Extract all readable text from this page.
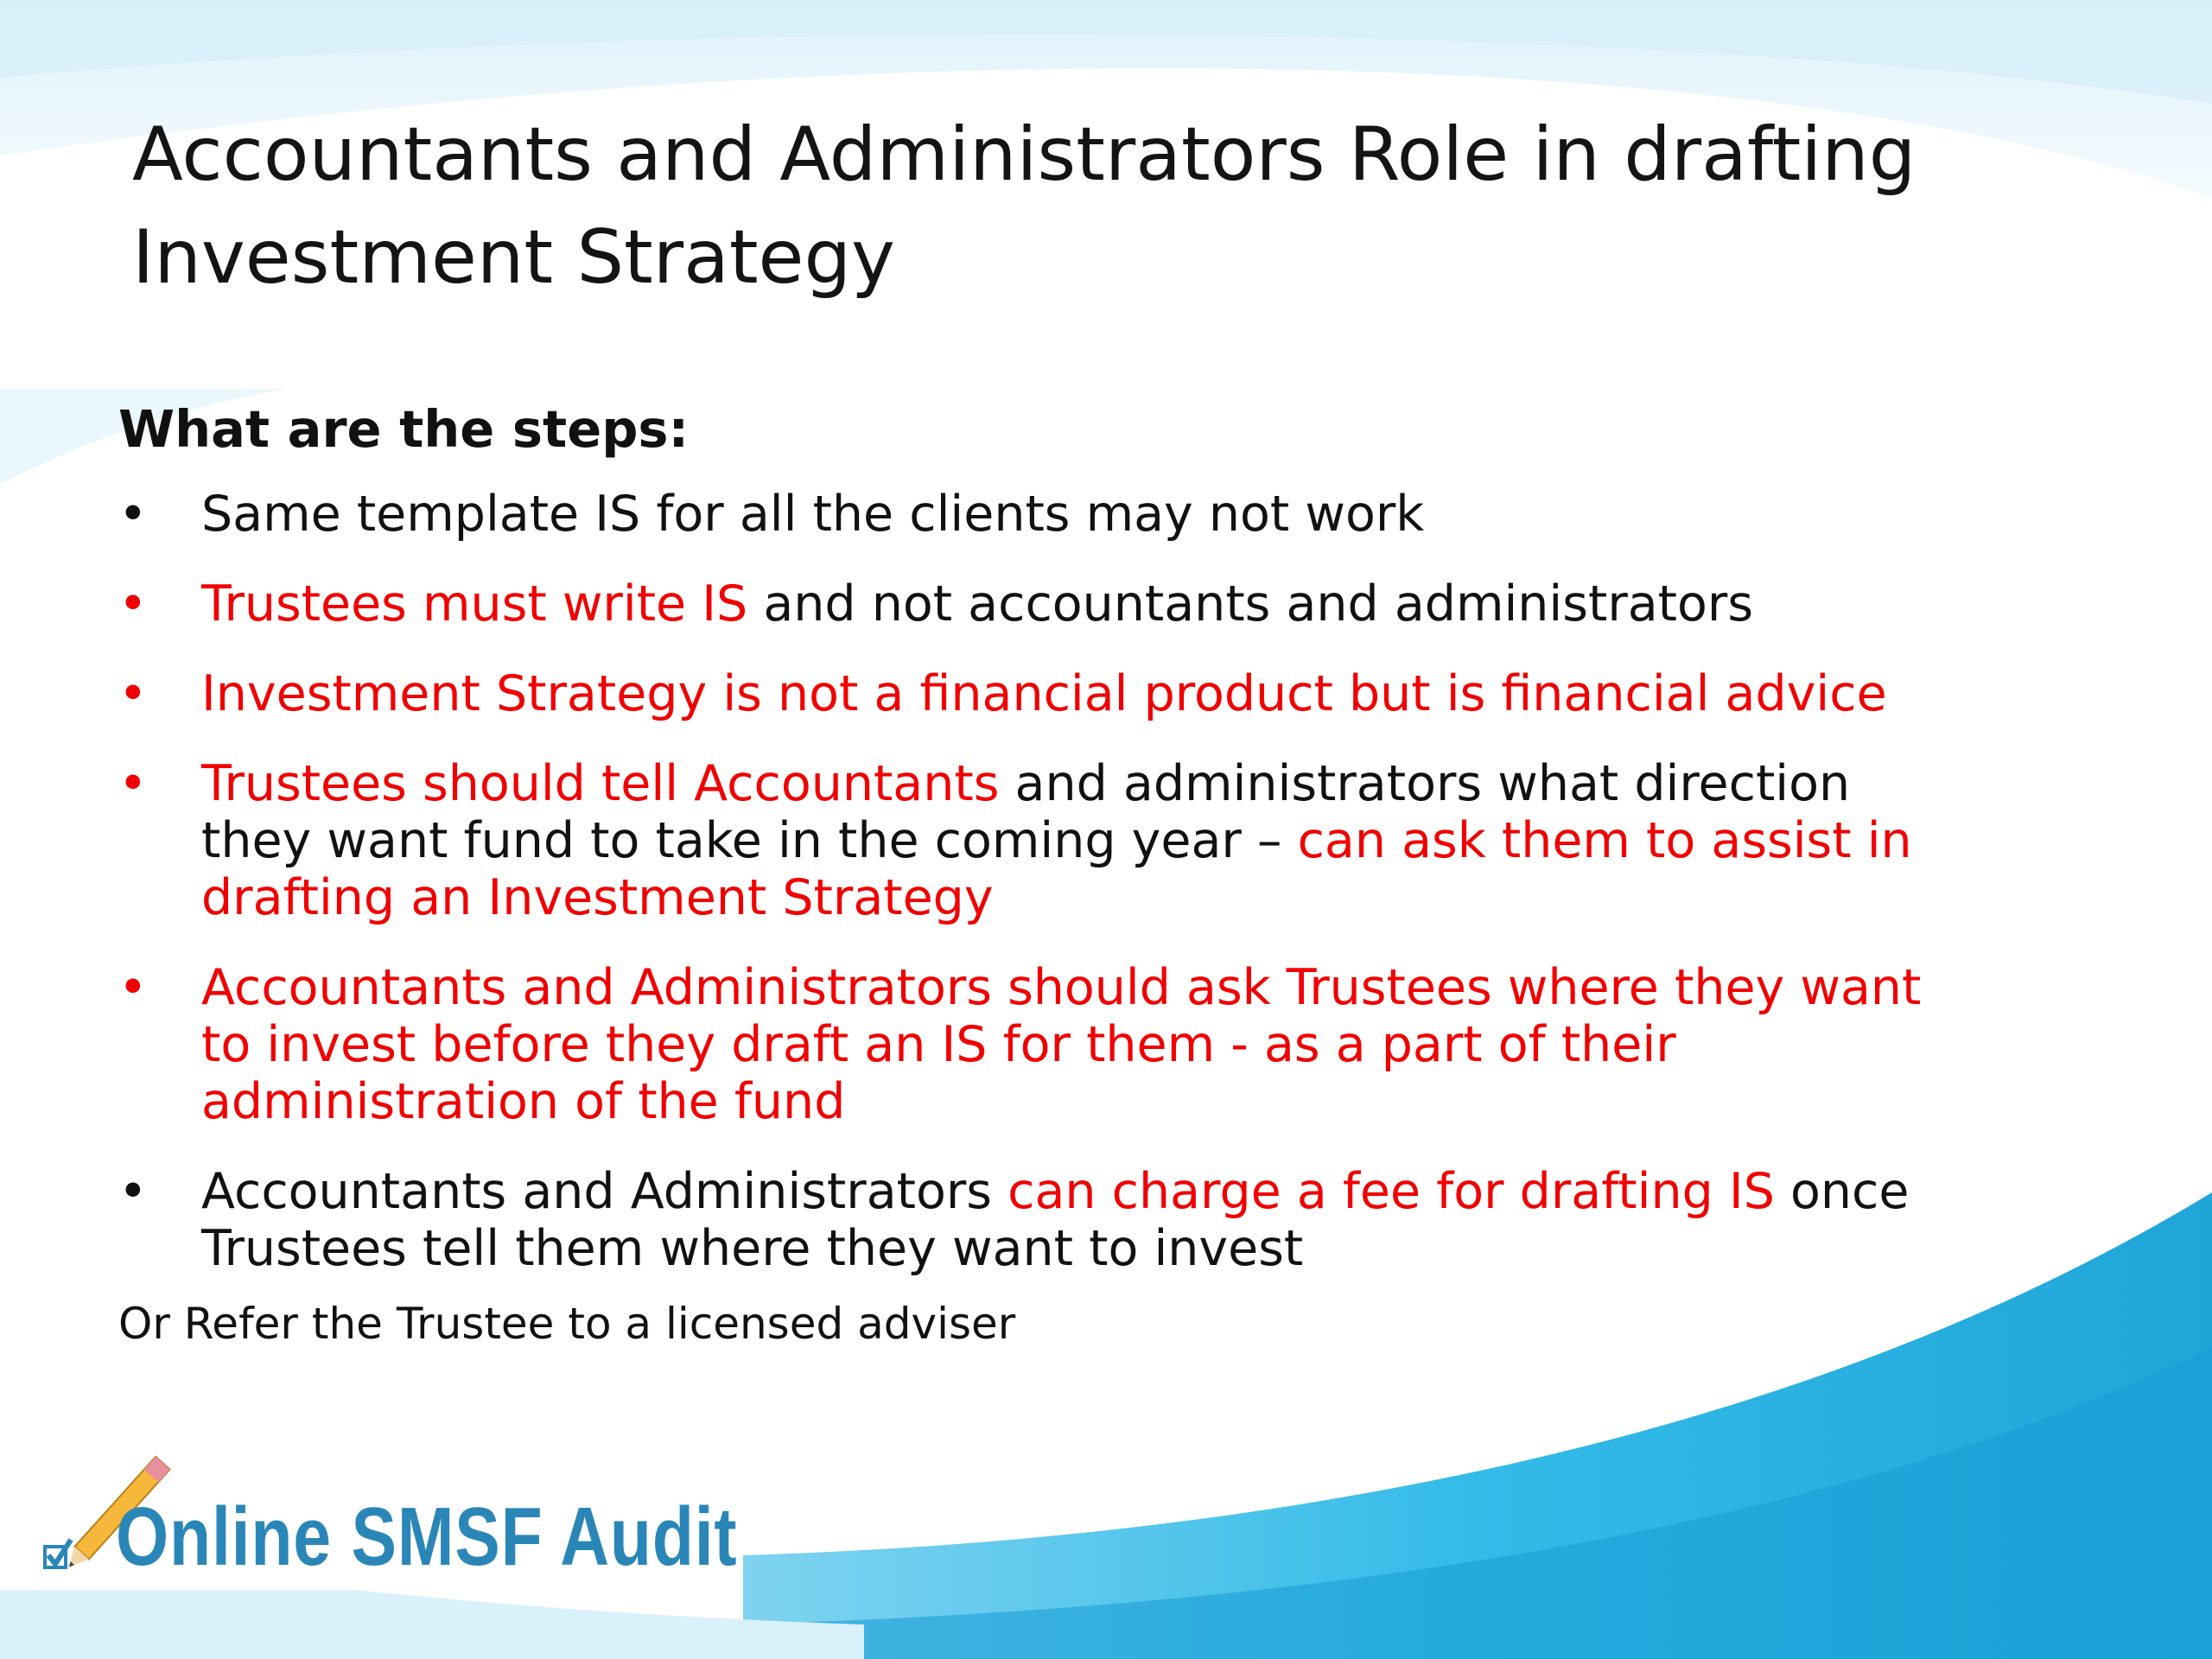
Accountants and Administrators Role in drafting Investment Strategy
What are the steps:
• Same template IS for all the clients may not work
• Trustees must write IS and not accountants and administrators
• Investment Strategy is not a financial product but is financial advice
• Trustees should tell Accountants and administrators what direction they want fund to take in the coming year – can ask them to assist in drafting an Investment Strategy
• Accountants and Administrators should ask Trustees where they want to invest before they draft an IS for them - as a part of their administration of the fund
• Accountants and Administrators can charge a fee for drafting IS once Trustees tell them where they want to invest
Or Refer the Trustee to a licensed adviser
Online SMSF Audit
